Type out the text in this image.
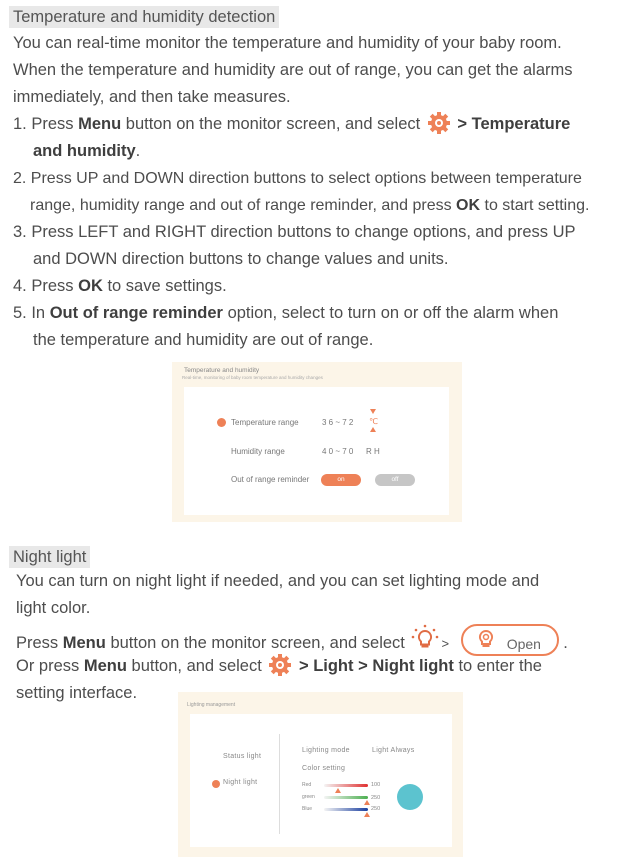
Temperature and humidity detection
You can real-time monitor the temperature and humidity of your baby room.
When the temperature and humidity are out of range, you can get the alarms
immediately, and then take measures.
1. Press Menu button on the monitor screen, and select  > Temperature
and humidity.
2. Press UP and DOWN direction buttons to select options between temperature
range, humidity range and out of range reminder, and press OK to start setting.
3. Press LEFT and RIGHT direction buttons to change options, and press UP
and DOWN direction buttons to change values and units.
4. Press OK to save settings.
5. In Out of range reminder option, select to turn on or off the alarm when
the temperature and humidity are out of range.
Temperature and humidity
Real-time, monitoring of baby room temperature and humidity changes
Temperature range	3 6 ~ 7 2 ℃
Humidity range	4 0 ~ 7 0 R H
Out of range reminder	on	off
Night light
You can turn on night light if needed, and you can set lighting mode and
light color.
Press Menu button on the monitor screen, and select >	Open .
Or press Menu button, and select  > Light > Night light to enter the
setting interface.
Lighting management
Status light
Night light
Lighting mode	Light Always
Color setting
Red	100
green	250
Blue	250
